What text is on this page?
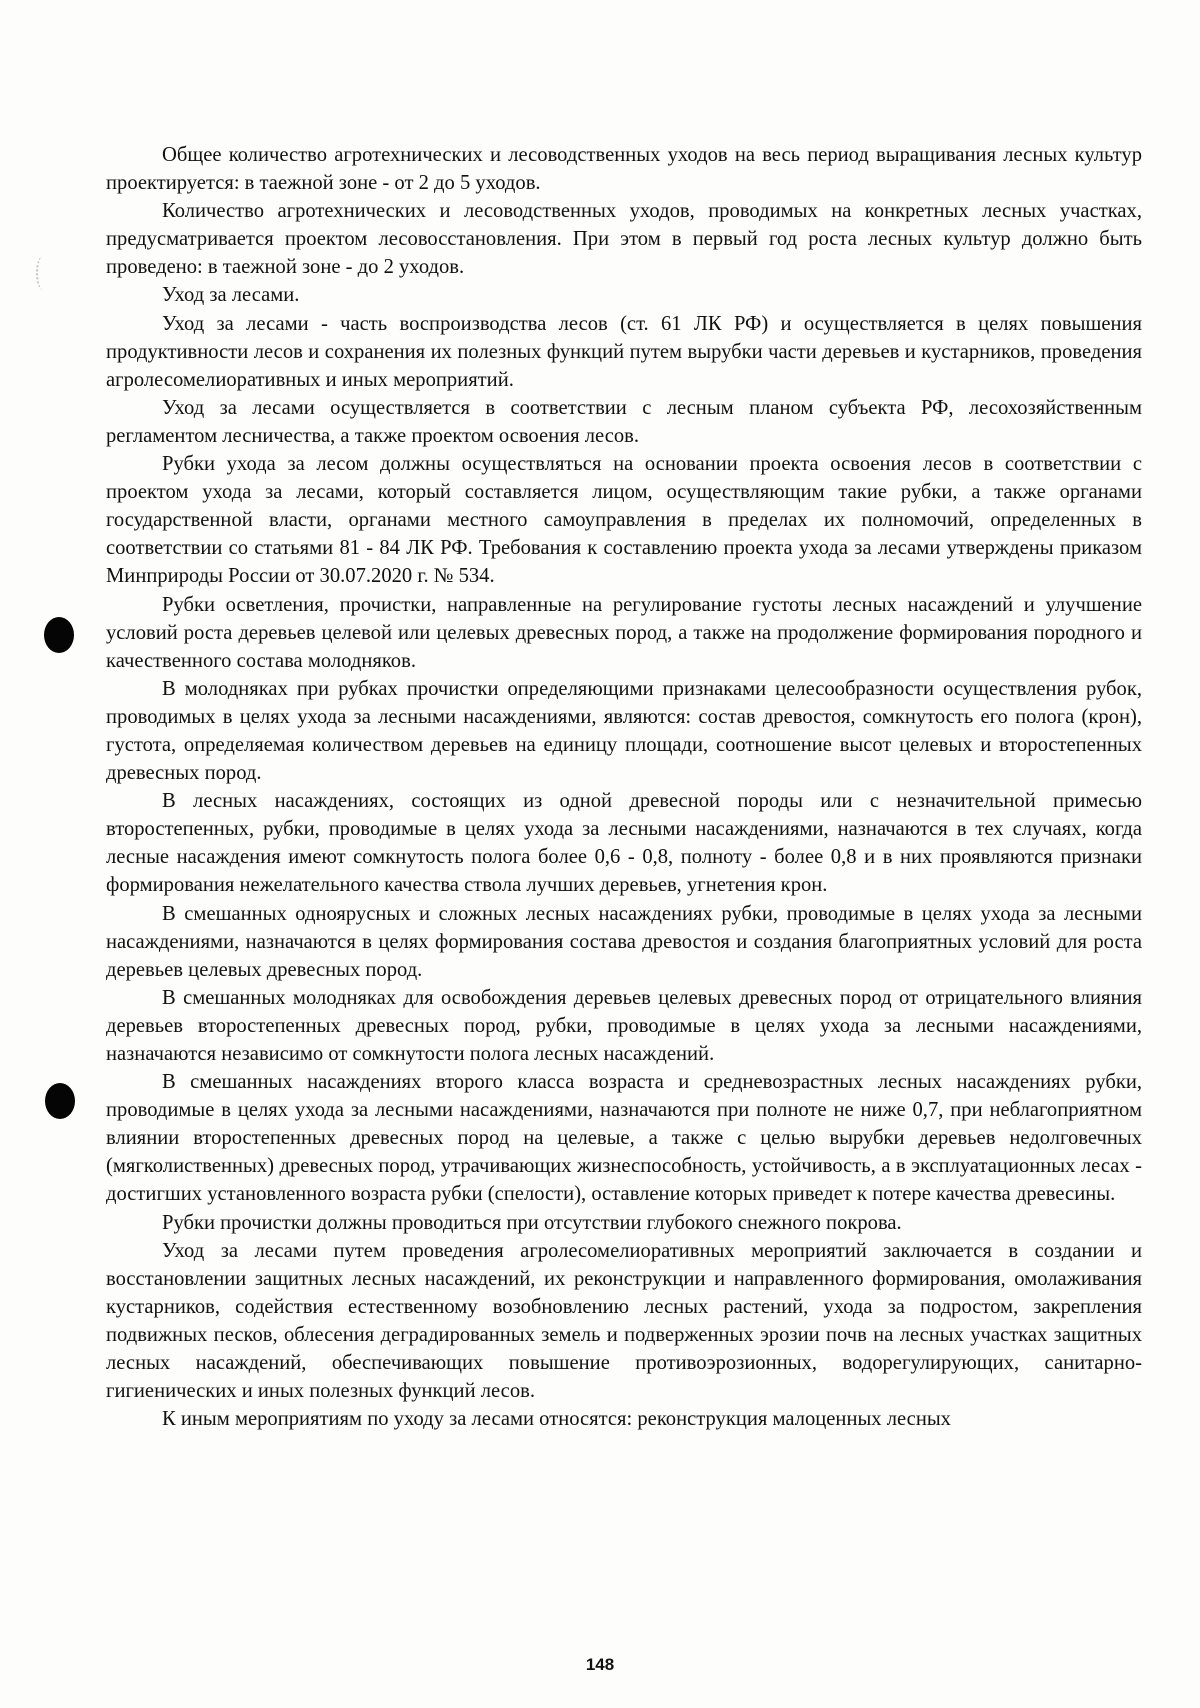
Общее количество агротехнических и лесоводственных уходов на весь период выращивания лесных культур проектируется: в таежной зоне - от 2 до 5 уходов.

Количество агротехнических и лесоводственных уходов, проводимых на конкретных лесных участках, предусматривается проектом лесовосстановления. При этом в первый год роста лесных культур должно быть проведено: в таежной зоне - до 2 уходов.

Уход за лесами.

Уход за лесами - часть воспроизводства лесов (ст. 61 ЛК РФ) и осуществляется в целях повышения продуктивности лесов и сохранения их полезных функций путем вырубки части деревьев и кустарников, проведения агролесомелиоративных и иных мероприятий.

Уход за лесами осуществляется в соответствии с лесным планом субъекта РФ, лесохозяйственным регламентом лесничества, а также проектом освоения лесов.

Рубки ухода за лесом должны осуществляться на основании проекта освоения лесов в соответствии с проектом ухода за лесами, который составляется лицом, осуществляющим такие рубки, а также органами государственной власти, органами местного самоуправления в пределах их полномочий, определенных в соответствии со статьями 81 - 84 ЛК РФ. Требования к составлению проекта ухода за лесами утверждены приказом Минприроды России от 30.07.2020 г. № 534.

Рубки осветления, прочистки, направленные на регулирование густоты лесных насаждений и улучшение условий роста деревьев целевой или целевых древесных пород, а также на продолжение формирования породного и качественного состава молодняков.

В молодняках при рубках прочистки определяющими признаками целесообразности осуществления рубок, проводимых в целях ухода за лесными насаждениями, являются: состав древостоя, сомкнутость его полога (крон), густота, определяемая количеством деревьев на единицу площади, соотношение высот целевых и второстепенных древесных пород.

В лесных насаждениях, состоящих из одной древесной породы или с незначительной примесью второстепенных, рубки, проводимые в целях ухода за лесными насаждениями, назначаются в тех случаях, когда лесные насаждения имеют сомкнутость полога более 0,6 - 0,8, полноту - более 0,8 и в них проявляются признаки формирования нежелательного качества ствола лучших деревьев, угнетения крон.

В смешанных одноярусных и сложных лесных насаждениях рубки, проводимые в целях ухода за лесными насаждениями, назначаются в целях формирования состава древостоя и создания благоприятных условий для роста деревьев целевых древесных пород.

В смешанных молодняках для освобождения деревьев целевых древесных пород от отрицательного влияния деревьев второстепенных древесных пород, рубки, проводимые в целях ухода за лесными насаждениями, назначаются независимо от сомкнутости полога лесных насаждений.

В смешанных насаждениях второго класса возраста и средневозрастных лесных насаждениях рубки, проводимые в целях ухода за лесными насаждениями, назначаются при полноте не ниже 0,7, при неблагоприятном влиянии второстепенных древесных пород на целевые, а также с целью вырубки деревьев недолговечных (мягколиственных) древесных пород, утрачивающих жизнеспособность, устойчивость, а в эксплуатационных лесах - достигших установленного возраста рубки (спелости), оставление которых приведет к потере качества древесины.

Рубки прочистки должны проводиться при отсутствии глубокого снежного покрова.

Уход за лесами путем проведения агролесомелиоративных мероприятий заключается в создании и восстановлении защитных лесных насаждений, их реконструкции и направленного формирования, омолаживания кустарников, содействия естественному возобновлению лесных растений, ухода за подростом, закрепления подвижных песков, облесения деградированных земель и подверженных эрозии почв на лесных участках защитных лесных насаждений, обеспечивающих повышение противоэрозионных, водорегулирующих, санитарно-гигиенических и иных полезных функций лесов.

К иным мероприятиям по уходу за лесами относятся: реконструкция малоценных лесных

148
